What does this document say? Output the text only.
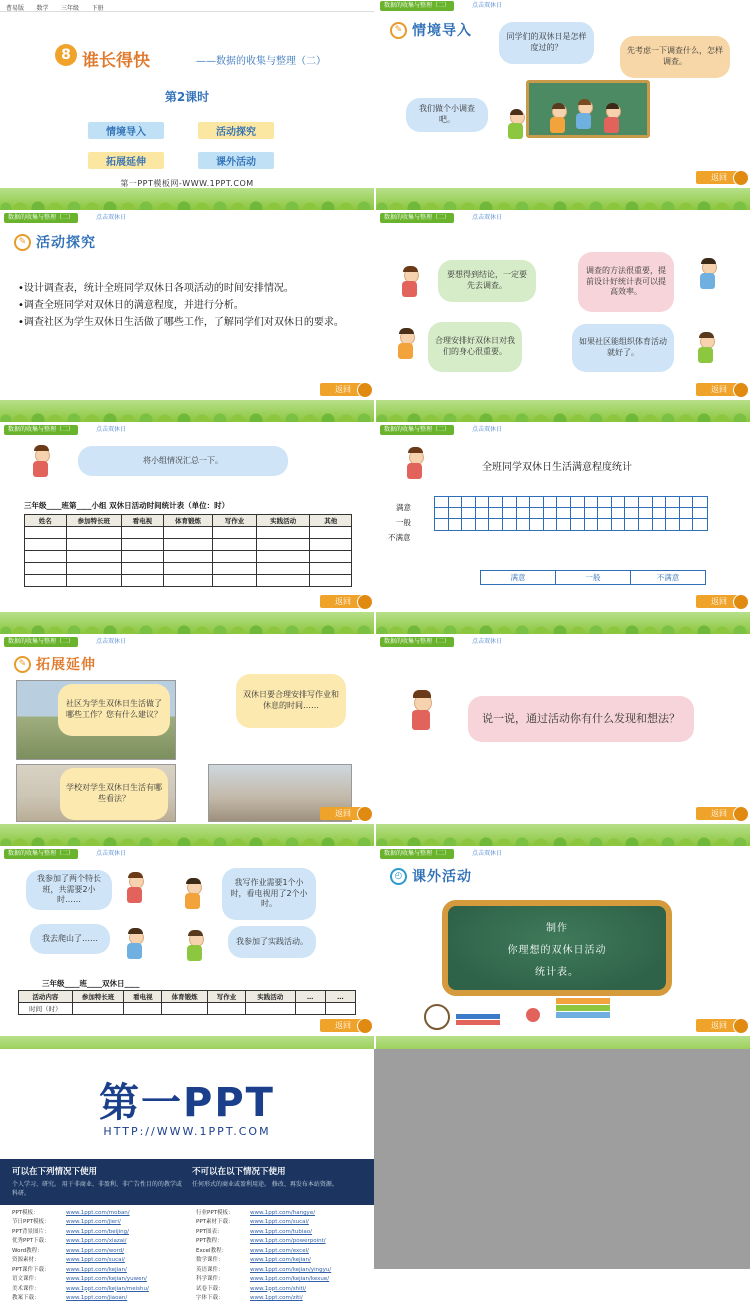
曹易版 数学 三年级 下册
8 谁长得快	——数据的收集与整理（二）
第2课时
情境导入	活动探究
拓展延伸	课外活动
第一PPT模板网-WWW.1PPT.COM
数据的收集与整理（二）	点击双休日
✎ 情境导入	同学们的双休日是怎样度过的？	先考虑一下调查什么，怎样调查。
我们做个小调查吧。
返回
数据的收集与整理（二）	点击双休日
✎ 活动探究
•设计调查表，统计全班同学双休日各项活动的时间安排情况。
•调查全班同学对双休日的满意程度，并进行分析。
•调查社区为学生双休日生活做了哪些工作，了解同学们对双休日的要求。
返回
数据的收集与整理（二）	点击双休日
要想得到结论，一定要先去调查。
调查的方法很重要，提前设计好统计表可以提高效率。
合理安排好双休日对我们的身心很重要。
如果社区能组织体育活动就好了。
返回
数据的收集与整理（二）	点击双休日
将小组情况汇总一下。
三年级____班第____小组 双休日活动时间统计表（单位：时）
姓名	参加特长班	看电视	体育锻炼	写作业	实践活动	其他

返回
数据的收集与整理（二）	点击双休日
全班同学双休日生活满意程度统计
满意
一般
不满意
满意	一般	不满意
返回
数据的收集与整理（二）	点击双休日
✎ 拓展延伸
社区为学生双休日生活做了哪些工作？您有什么建议？
双休日要合理安排写作业和休息的时间……
学校对学生双休日生活有哪些看法？
返回
数据的收集与整理（二）	点击双休日
说一说，通过活动你有什么发现和想法？
返回
数据的收集与整理（二）	点击双休日
我参加了两个特长班，共需要2小时……
我写作业需要1个小时，看电视用了2个小时。
我去爬山了……	我参加了实践活动。
三年级____班____双休日____
活动内容	参加特长班	看电视	体育锻炼	写作业	实践活动	…	…
时间（时）							
返回
数据的收集与整理（二）	点击双休日
◴ 课外活动
制作
你理想的双休日活动
统计表。
返回
第一PPT
HTTP://WWW.1PPT.COM
可以在下列情况下使用

个人学习、研究。 用于非商业、非盈利、非广告性目的的教学或科研。

不可以在以下情况下使用

任何形式的商业或盈利用途。 修改、再发布本站资源。

PPT模板：	www.1ppt.com/moban/
节日PPT模板：	www.1ppt.com/jieri/
PPT背景图片：	www.1ppt.com/beijing/
优秀PPT下载：	www.1ppt.com/xiazai/
Word教程：	www.1ppt.com/word/
资源素材：	www.1ppt.com/sucai/
PPT课件下载：	www.1ppt.com/kejian/
语文课件：	www.1ppt.com/kejian/yuwen/
美术课件：	www.1ppt.com/kejian/meishu/
教案下载：	www.1ppt.com/jiaoan/
行业PPT模板：	www.1ppt.com/hangye/
PPT素材下载：	www.1ppt.com/sucai/
PPT图表：	www.1ppt.com/tubiao/
PPT教程：	www.1ppt.com/powerpoint/
Excel教程：	www.1ppt.com/excel/
数学课件：	www.1ppt.com/kejian/
英语课件：	www.1ppt.com/kejian/yingyu/
科学课件：	www.1ppt.com/kejian/kexue/
试卷下载：	www.1ppt.com/shiti/
字体下载：	www.1ppt.com/ziti/
